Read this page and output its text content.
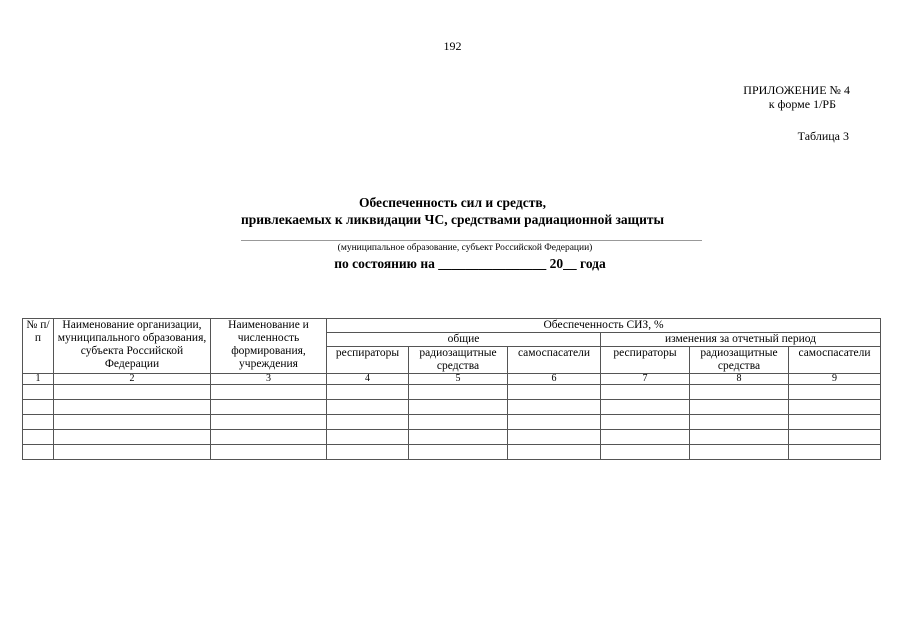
192
ПРИЛОЖЕНИЕ № 4
к форме 1/РБ
Таблица 3
Обеспеченность сил и средств,
привлекаемых к ликвидации ЧС, средствами радиационной защиты
(муниципальное образование, субъект Российской Федерации)
по состоянию на ________________ 20__ года
№ п/п	Наименование организации, муниципального образования, субъекта Российской Федерации	Наименование и численность формирования, учреждения	Обеспеченность СИЗ, %					
			общие			изменения за отчетный период		
			респираторы	радиозащитные средства	самоспасатели	респираторы	радиозащитные средства	самоспасатели
1	2	3	4	5	6	7	8	9
